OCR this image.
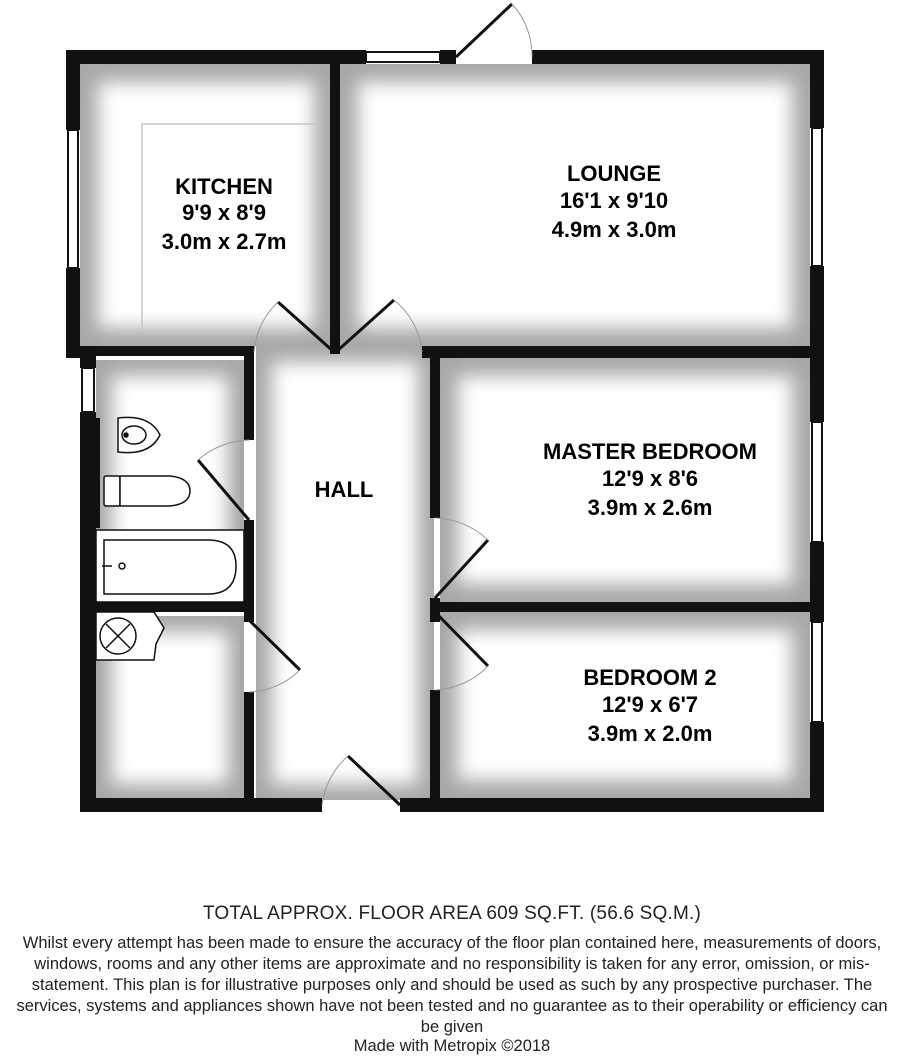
KITCHEN
9'9 x 8'9
3.0m x 2.7m
LOUNGE
16'1 x 9'10
4.9m x 3.0m
MASTER BEDROOM
12'9 x 8'6
3.9m x 2.6m
HALL
BEDROOM 2
12'9 x 6'7
3.9m x 2.0m
TOTAL APPROX. FLOOR AREA 609 SQ.FT. (56.6 SQ.M.)
Whilst every attempt has been made to ensure the accuracy of the floor plan contained here, measurements of doors, windows, rooms and any other items are approximate and no responsibility is taken for any error, omission, or mis-statement. This plan is for illustrative purposes only and should be used as such by any prospective purchaser. The services, systems and appliances shown have not been tested and no guarantee as to their operability or efficiency can be given
Made with Metropix ©2018
